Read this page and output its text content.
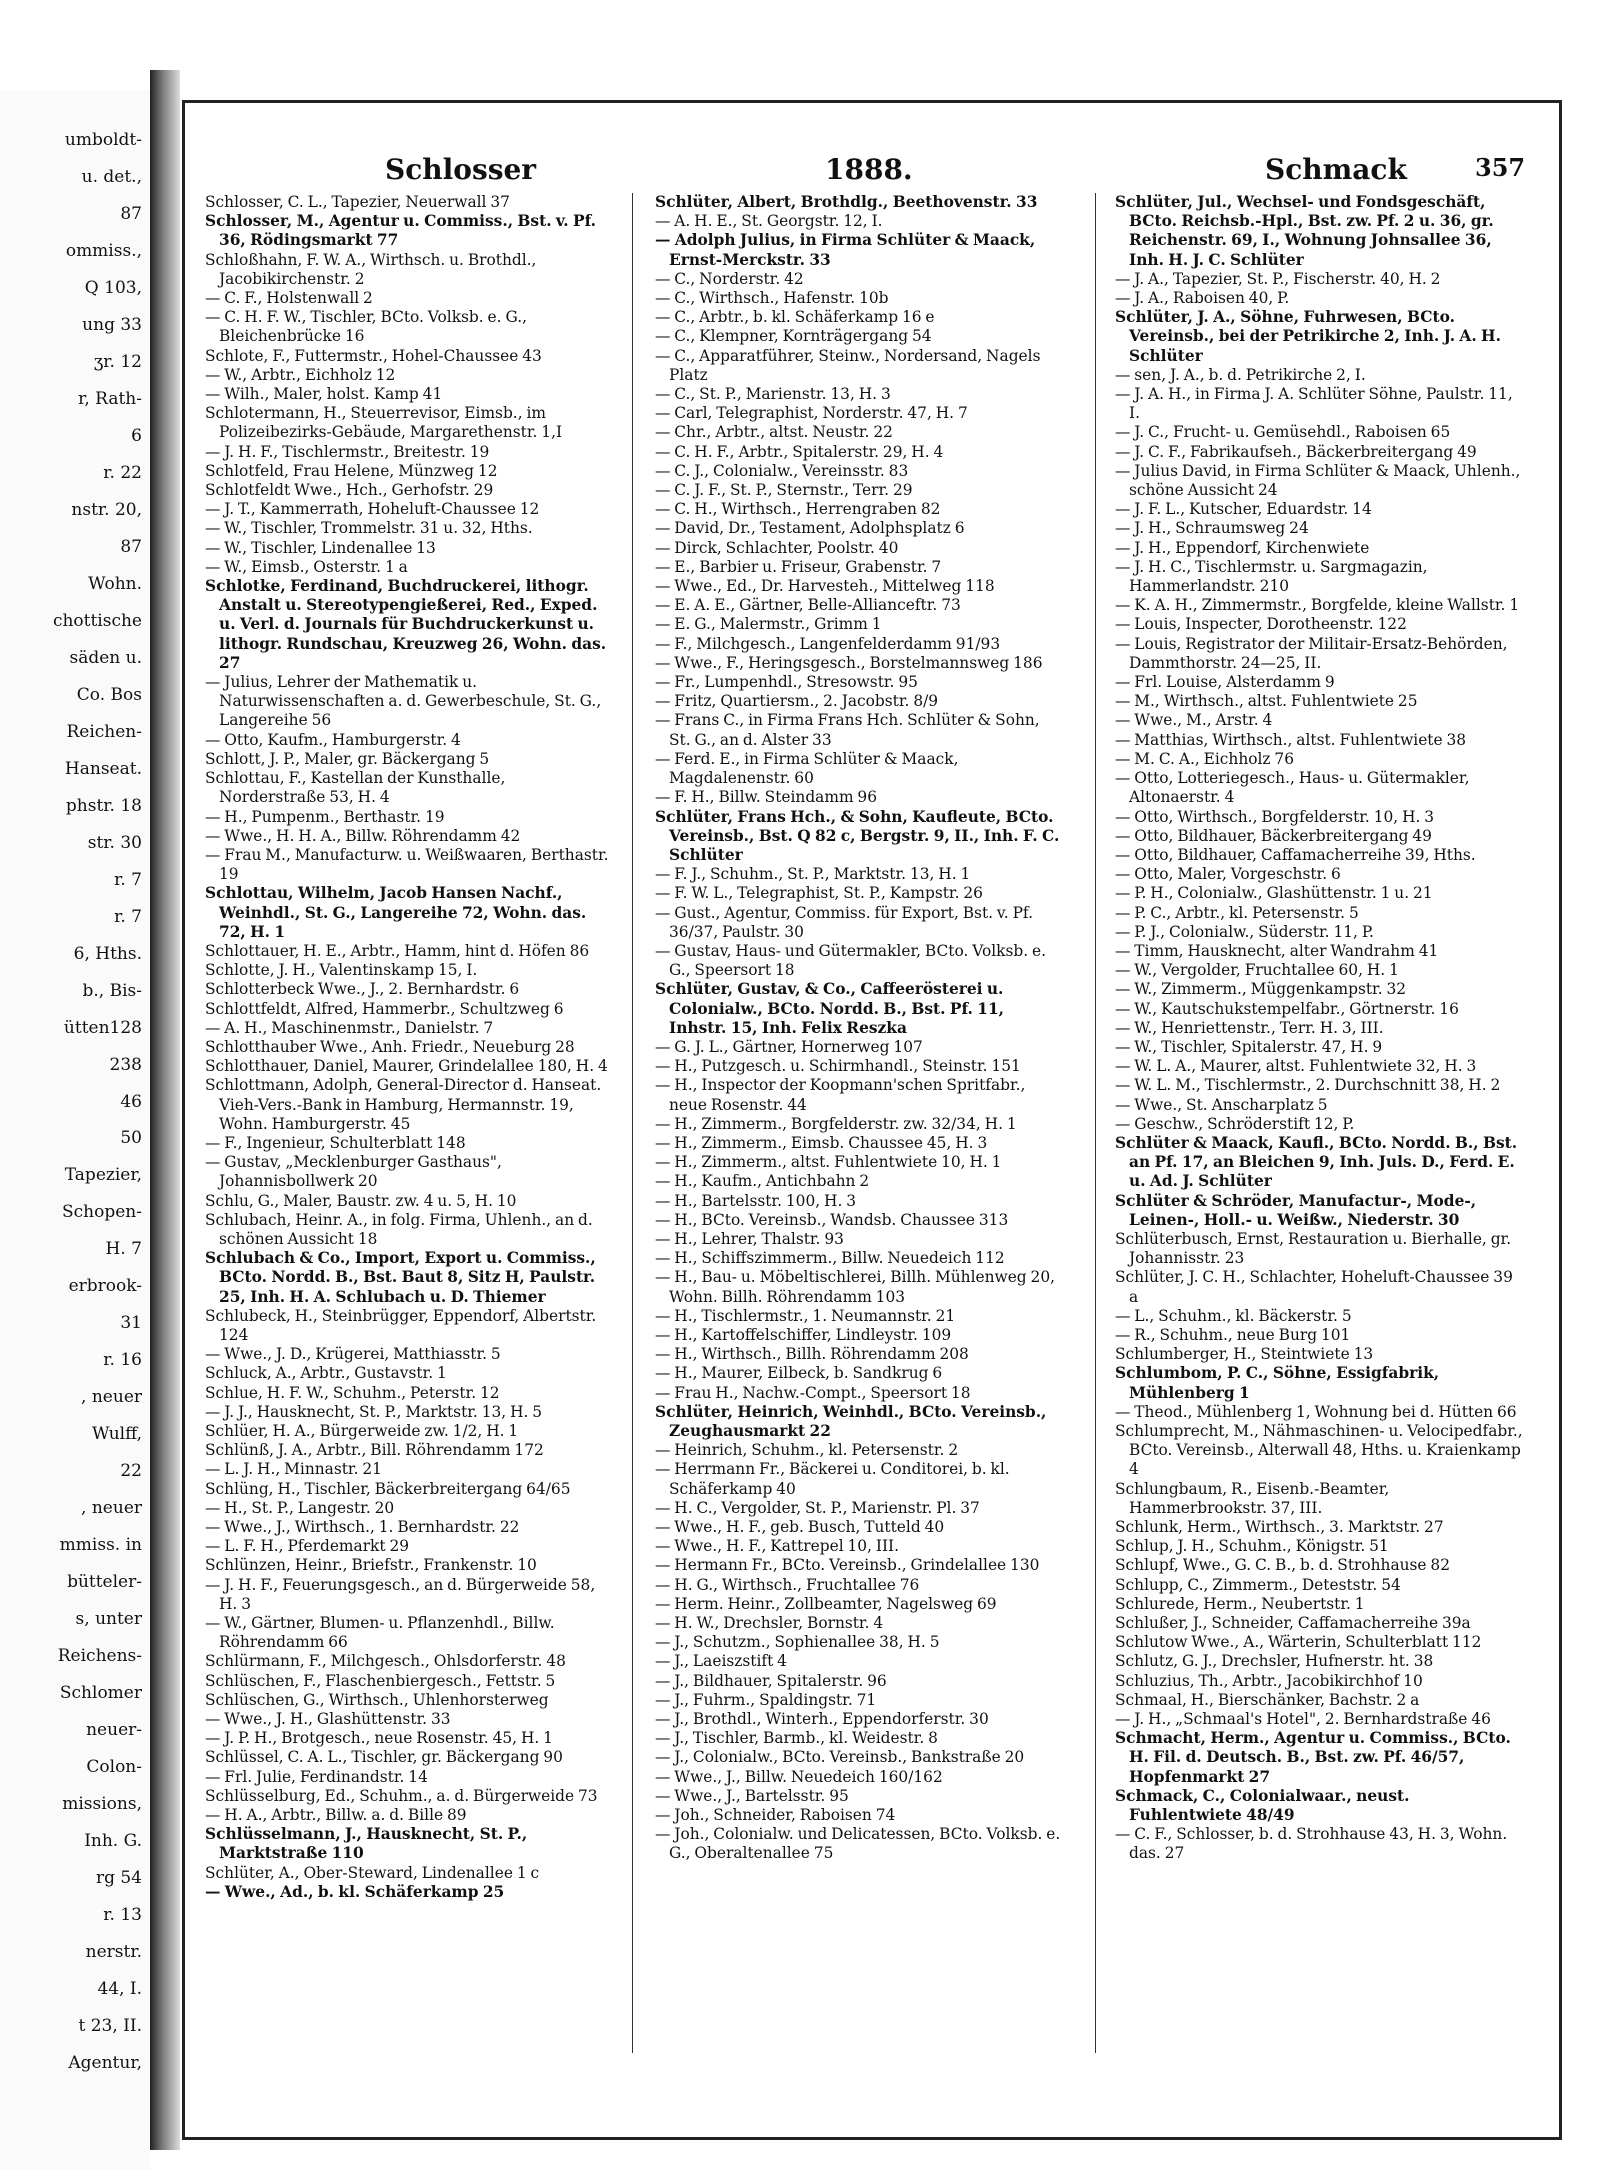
umboldt-
u. det.,
87
ommiss.,
Q 103,
ung 33
ʒr. 12
r, Rath-
6
r. 22
nstr. 20,
87
Wohn.
chottische
säden u.
Co. Bos
Reichen-
Hanseat.
phstr. 18
str. 30
r. 7
r. 7
6, Hths.
b., Bis-
ütten128
238
46
50
Tapezier,
Schopen-
H. 7
erbrook-
31
r. 16
, neuer
Wulff,
22
, neuer
mmiss. in
bütteler-
s, unter
Reichens-
Schlomer
neuer-
Colon-
missions,
Inh. G.
rg 54
r. 13
nerstr.
44, I.
t 23, II.
Agentur,
Schlosser	1888.	Schmack	357

Schlosser, C. L., Tapezier, Neuerwall 37

Schlosser, M., Agentur u. Commiss., Bst. v. Pf. 36, Rödingsmarkt 77

Schloßhahn, F. W. A., Wirthsch. u. Brothdl., Jacobikirchenstr. 2

— C. F., Holstenwall 2

— C. H. F. W., Tischler, BCto. Volksb. e. G., Bleichenbrücke 16

Schlote, F., Futtermstr., Hohel-Chaussee 43

— W., Arbtr., Eichholz 12

— Wilh., Maler, holst. Kamp 41

Schlotermann, H., Steuerrevisor, Eimsb., im Polizeibezirks-Gebäude, Margarethenstr. 1,I

— J. H. F., Tischlermstr., Breitestr. 19

Schlotfeld, Frau Helene, Münzweg 12

Schlotfeldt Wwe., Hch., Gerhofstr. 29

— J. T., Kammerrath, Hoheluft-Chaussee 12

— W., Tischler, Trommelstr. 31 u. 32, Hths.

— W., Tischler, Lindenallee 13

— W., Eimsb., Osterstr. 1 a

Schlotke, Ferdinand, Buchdruckerei, lithogr. Anstalt u. Stereotypengießerei, Red., Exped. u. Verl. d. Journals für Buchdruckerkunst u. lithogr. Rundschau, Kreuzweg 26, Wohn. das. 27

— Julius, Lehrer der Mathematik u. Naturwissenschaften a. d. Gewerbeschule, St. G., Langereihe 56

— Otto, Kaufm., Hamburgerstr. 4

Schlott, J. P., Maler, gr. Bäckergang 5

Schlottau, F., Kastellan der Kunsthalle, Norderstraße 53, H. 4

— H., Pumpenm., Berthastr. 19

— Wwe., H. H. A., Billw. Röhrendamm 42

— Frau M., Manufacturw. u. Weißwaaren, Berthastr. 19

Schlottau, Wilhelm, Jacob Hansen Nachf., Weinhdl., St. G., Langereihe 72, Wohn. das. 72, H. 1

Schlottauer, H. E., Arbtr., Hamm, hint d. Höfen 86

Schlotte, J. H., Valentinskamp 15, I.

Schlotterbeck Wwe., J., 2. Bernhardstr. 6

Schlottfeldt, Alfred, Hammerbr., Schultzweg 6

— A. H., Maschinenmstr., Danielstr. 7

Schlotthauber Wwe., Anh. Friedr., Neueburg 28

Schlotthauer, Daniel, Maurer, Grindelallee 180, H. 4

Schlottmann, Adolph, General-Director d. Hanseat. Vieh-Vers.-Bank in Hamburg, Hermannstr. 19, Wohn. Hamburgerstr. 45

— F., Ingenieur, Schulterblatt 148

— Gustav, „Mecklenburger Gasthaus", Johannisbollwerk 20

Schlu, G., Maler, Baustr. zw. 4 u. 5, H. 10

Schlubach, Heinr. A., in folg. Firma, Uhlenh., an d. schönen Aussicht 18

Schlubach & Co., Import, Export u. Commiss., BCto. Nordd. B., Bst. Baut 8, Sitz H, Paulstr. 25, Inh. H. A. Schlubach u. D. Thiemer

Schlubeck, H., Steinbrügger, Eppendorf, Albertstr. 124

— Wwe., J. D., Krügerei, Matthiasstr. 5

Schluck, A., Arbtr., Gustavstr. 1

Schlue, H. F. W., Schuhm., Peterstr. 12

— J. J., Hausknecht, St. P., Marktstr. 13, H. 5

Schlüer, H. A., Bürgerweide zw. 1/2, H. 1

Schlünß, J. A., Arbtr., Bill. Röhrendamm 172

— L. J. H., Minnastr. 21

Schlüng, H., Tischler, Bäckerbreitergang 64/65

— H., St. P., Langestr. 20

— Wwe., J., Wirthsch., 1. Bernhardstr. 22

— L. F. H., Pferdemarkt 29

Schlünzen, Heinr., Briefstr., Frankenstr. 10

— J. H. F., Feuerungsgesch., an d. Bürgerweide 58, H. 3

— W., Gärtner, Blumen- u. Pflanzenhdl., Billw. Röhrendamm 66

Schlürmann, F., Milchgesch., Ohlsdorferstr. 48

Schlüschen, F., Flaschenbiergesch., Fettstr. 5

Schlüschen, G., Wirthsch., Uhlenhorsterweg

— Wwe., J. H., Glashüttenstr. 33

— J. P. H., Brotgesch., neue Rosenstr. 45, H. 1

Schlüssel, C. A. L., Tischler, gr. Bäckergang 90

— Frl. Julie, Ferdinandstr. 14

Schlüsselburg, Ed., Schuhm., a. d. Bürgerweide 73

— H. A., Arbtr., Billw. a. d. Bille 89

Schlüsselmann, J., Hausknecht, St. P., Marktstraße 110

Schlüter, A., Ober-Steward, Lindenallee 1 c

— Wwe., Ad., b. kl. Schäferkamp 25

Schlüter, Albert, Brothdlg., Beethovenstr. 33

— A. H. E., St. Georgstr. 12, I.

— Adolph Julius, in Firma Schlüter & Maack, Ernst-Merckstr. 33

— C., Norderstr. 42

— C., Wirthsch., Hafenstr. 10b

— C., Arbtr., b. kl. Schäferkamp 16 e

— C., Klempner, Kornträgergang 54

— C., Apparatführer, Steinw., Nordersand, Nagels Platz

— C., St. P., Marienstr. 13, H. 3

— Carl, Telegraphist, Norderstr. 47, H. 7

— Chr., Arbtr., altst. Neustr. 22

— C. H. F., Arbtr., Spitalerstr. 29, H. 4

— C. J., Colonialw., Vereinsstr. 83

— C. J. F., St. P., Sternstr., Terr. 29

— C. H., Wirthsch., Herrengraben 82

— David, Dr., Testament, Adolphsplatz 6

— Dirck, Schlachter, Poolstr. 40

— E., Barbier u. Friseur, Grabenstr. 7

— Wwe., Ed., Dr. Harvesteh., Mittelweg 118

— E. A. E., Gärtner, Belle-Allianceftr. 73

— E. G., Malermstr., Grimm 1

— F., Milchgesch., Langenfelderdamm 91/93

— Wwe., F., Heringsgesch., Borstelmannsweg 186

— Fr., Lumpenhdl., Stresowstr. 95

— Fritz, Quartiersm., 2. Jacobstr. 8/9

— Frans C., in Firma Frans Hch. Schlüter & Sohn, St. G., an d. Alster 33

— Ferd. E., in Firma Schlüter & Maack, Magdalenenstr. 60

— F. H., Billw. Steindamm 96

Schlüter, Frans Hch., & Sohn, Kaufleute, BCto. Vereinsb., Bst. Q 82 c, Bergstr. 9, II., Inh. F. C. Schlüter

— F. J., Schuhm., St. P., Marktstr. 13, H. 1

— F. W. L., Telegraphist, St. P., Kampstr. 26

— Gust., Agentur, Commiss. für Export, Bst. v. Pf. 36/37, Paulstr. 30

— Gustav, Haus- und Gütermakler, BCto. Volksb. e. G., Speersort 18

Schlüter, Gustav, & Co., Caffeerösterei u. Colonialw., BCto. Nordd. B., Bst. Pf. 11, Inhstr. 15, Inh. Felix Reszka

— G. J. L., Gärtner, Hornerweg 107

— H., Putzgesch. u. Schirmhandl., Steinstr. 151

— H., Inspector der Koopmann'schen Spritfabr., neue Rosenstr. 44

— H., Zimmerm., Borgfelderstr. zw. 32/34, H. 1

— H., Zimmerm., Eimsb. Chaussee 45, H. 3

— H., Zimmerm., altst. Fuhlentwiete 10, H. 1

— H., Kaufm., Antichbahn 2

— H., Bartelsstr. 100, H. 3

— H., BCto. Vereinsb., Wandsb. Chaussee 313

— H., Lehrer, Thalstr. 93

— H., Schiffszimmerm., Billw. Neuedeich 112

— H., Bau- u. Möbeltischlerei, Billh. Mühlenweg 20, Wohn. Billh. Röhrendamm 103

— H., Tischlermstr., 1. Neumannstr. 21

— H., Kartoffelschiffer, Lindleystr. 109

— H., Wirthsch., Billh. Röhrendamm 208

— H., Maurer, Eilbeck, b. Sandkrug 6

— Frau H., Nachw.-Compt., Speersort 18

Schlüter, Heinrich, Weinhdl., BCto. Vereinsb., Zeughausmarkt 22

— Heinrich, Schuhm., kl. Petersenstr. 2

— Herrmann Fr., Bäckerei u. Conditorei, b. kl. Schäferkamp 40

— H. C., Vergolder, St. P., Marienstr. Pl. 37

— Wwe., H. F., geb. Busch, Tutteld 40

— Wwe., H. F., Kattrepel 10, III.

— Hermann Fr., BCto. Vereinsb., Grindelallee 130

— H. G., Wirthsch., Fruchtallee 76

— Herm. Heinr., Zollbeamter, Nagelsweg 69

— H. W., Drechsler, Bornstr. 4

— J., Schutzm., Sophienallee 38, H. 5

— J., Laeiszstift 4

— J., Bildhauer, Spitalerstr. 96

— J., Fuhrm., Spaldingstr. 71

— J., Brothdl., Winterh., Eppendorferstr. 30

— J., Tischler, Barmb., kl. Weidestr. 8

— J., Colonialw., BCto. Vereinsb., Bankstraße 20

— Wwe., J., Billw. Neuedeich 160/162

— Wwe., J., Bartelsstr. 95

— Joh., Schneider, Raboisen 74

— Joh., Colonialw. und Delicatessen, BCto. Volksb. e. G., Oberaltenallee 75

Schlüter, Jul., Wechsel- und Fondsgeschäft, BCto. Reichsb.-Hpl., Bst. zw. Pf. 2 u. 36, gr. Reichenstr. 69, I., Wohnung Johnsallee 36, Inh. H. J. C. Schlüter

— J. A., Tapezier, St. P., Fischerstr. 40, H. 2

— J. A., Raboisen 40, P.

Schlüter, J. A., Söhne, Fuhrwesen, BCto. Vereinsb., bei der Petrikirche 2, Inh. J. A. H. Schlüter

— sen, J. A., b. d. Petrikirche 2, I.

— J. A. H., in Firma J. A. Schlüter Söhne, Paulstr. 11, I.

— J. C., Frucht- u. Gemüsehdl., Raboisen 65

— J. C. F., Fabrikaufseh., Bäckerbreitergang 49

— Julius David, in Firma Schlüter & Maack, Uhlenh., schöne Aussicht 24

— J. F. L., Kutscher, Eduardstr. 14

— J. H., Schraumsweg 24

— J. H., Eppendorf, Kirchenwiete

— J. H. C., Tischlermstr. u. Sargmagazin, Hammerlandstr. 210

— K. A. H., Zimmermstr., Borgfelde, kleine Wallstr. 1

— Louis, Inspecter, Dorotheenstr. 122

— Louis, Registrator der Militair-Ersatz-Behörden, Dammthorstr. 24—25, II.

— Frl. Louise, Alsterdamm 9

— M., Wirthsch., altst. Fuhlentwiete 25

— Wwe., M., Arstr. 4

— Matthias, Wirthsch., altst. Fuhlentwiete 38

— M. C. A., Eichholz 76

— Otto, Lotteriegesch., Haus- u. Gütermakler, Altonaerstr. 4

— Otto, Wirthsch., Borgfelderstr. 10, H. 3

— Otto, Bildhauer, Bäckerbreitergang 49

— Otto, Bildhauer, Caffamacherreihe 39, Hths.

— Otto, Maler, Vorgeschstr. 6

— P. H., Colonialw., Glashüttenstr. 1 u. 21

— P. C., Arbtr., kl. Petersenstr. 5

— P. J., Colonialw., Süderstr. 11, P.

— Timm, Hausknecht, alter Wandrahm 41

— W., Vergolder, Fruchtallee 60, H. 1

— W., Zimmerm., Müggenkampstr. 32

— W., Kautschukstempelfabr., Görtnerstr. 16

— W., Henriettenstr., Terr. H. 3, III.

— W., Tischler, Spitalerstr. 47, H. 9

— W. L. A., Maurer, altst. Fuhlentwiete 32, H. 3

— W. L. M., Tischlermstr., 2. Durchschnitt 38, H. 2

— Wwe., St. Anscharplatz 5

— Geschw., Schröderstift 12, P.

Schlüter & Maack, Kaufl., BCto. Nordd. B., Bst. an Pf. 17, an Bleichen 9, Inh. Juls. D., Ferd. E. u. Ad. J. Schlüter

Schlüter & Schröder, Manufactur-, Mode-, Leinen-, Holl.- u. Weißw., Niederstr. 30

Schlüterbusch, Ernst, Restauration u. Bierhalle, gr. Johannisstr. 23

Schlüter, J. C. H., Schlachter, Hoheluft-Chaussee 39 a

— L., Schuhm., kl. Bäckerstr. 5

— R., Schuhm., neue Burg 101

Schlumberger, H., Steintwiete 13

Schlumbom, P. C., Söhne, Essigfabrik, Mühlenberg 1

— Theod., Mühlenberg 1, Wohnung bei d. Hütten 66

Schlumprecht, M., Nähmaschinen- u. Velocipedfabr., BCto. Vereinsb., Alterwall 48, Hths. u. Kraienkamp 4

Schlungbaum, R., Eisenb.-Beamter, Hammerbrookstr. 37, III.

Schlunk, Herm., Wirthsch., 3. Marktstr. 27

Schlup, J. H., Schuhm., Königstr. 51

Schlupf, Wwe., G. C. B., b. d. Strohhause 82

Schlupp, C., Zimmerm., Deteststr. 54

Schlurede, Herm., Neubertstr. 1

Schlußer, J., Schneider, Caffamacherreihe 39a

Schlutow Wwe., A., Wärterin, Schulterblatt 112

Schlutz, G. J., Drechsler, Hufnerstr. ht. 38

Schluzius, Th., Arbtr., Jacobikirchhof 10

Schmaal, H., Bierschänker, Bachstr. 2 a

— J. H., „Schmaal's Hotel", 2. Bernhardstraße 46

Schmacht, Herm., Agentur u. Commiss., BCto. H. Fil. d. Deutsch. B., Bst. zw. Pf. 46/57, Hopfenmarkt 27

Schmack, C., Colonialwaar., neust. Fuhlentwiete 48/49

— C. F., Schlosser, b. d. Strohhause 43, H. 3, Wohn. das. 27
